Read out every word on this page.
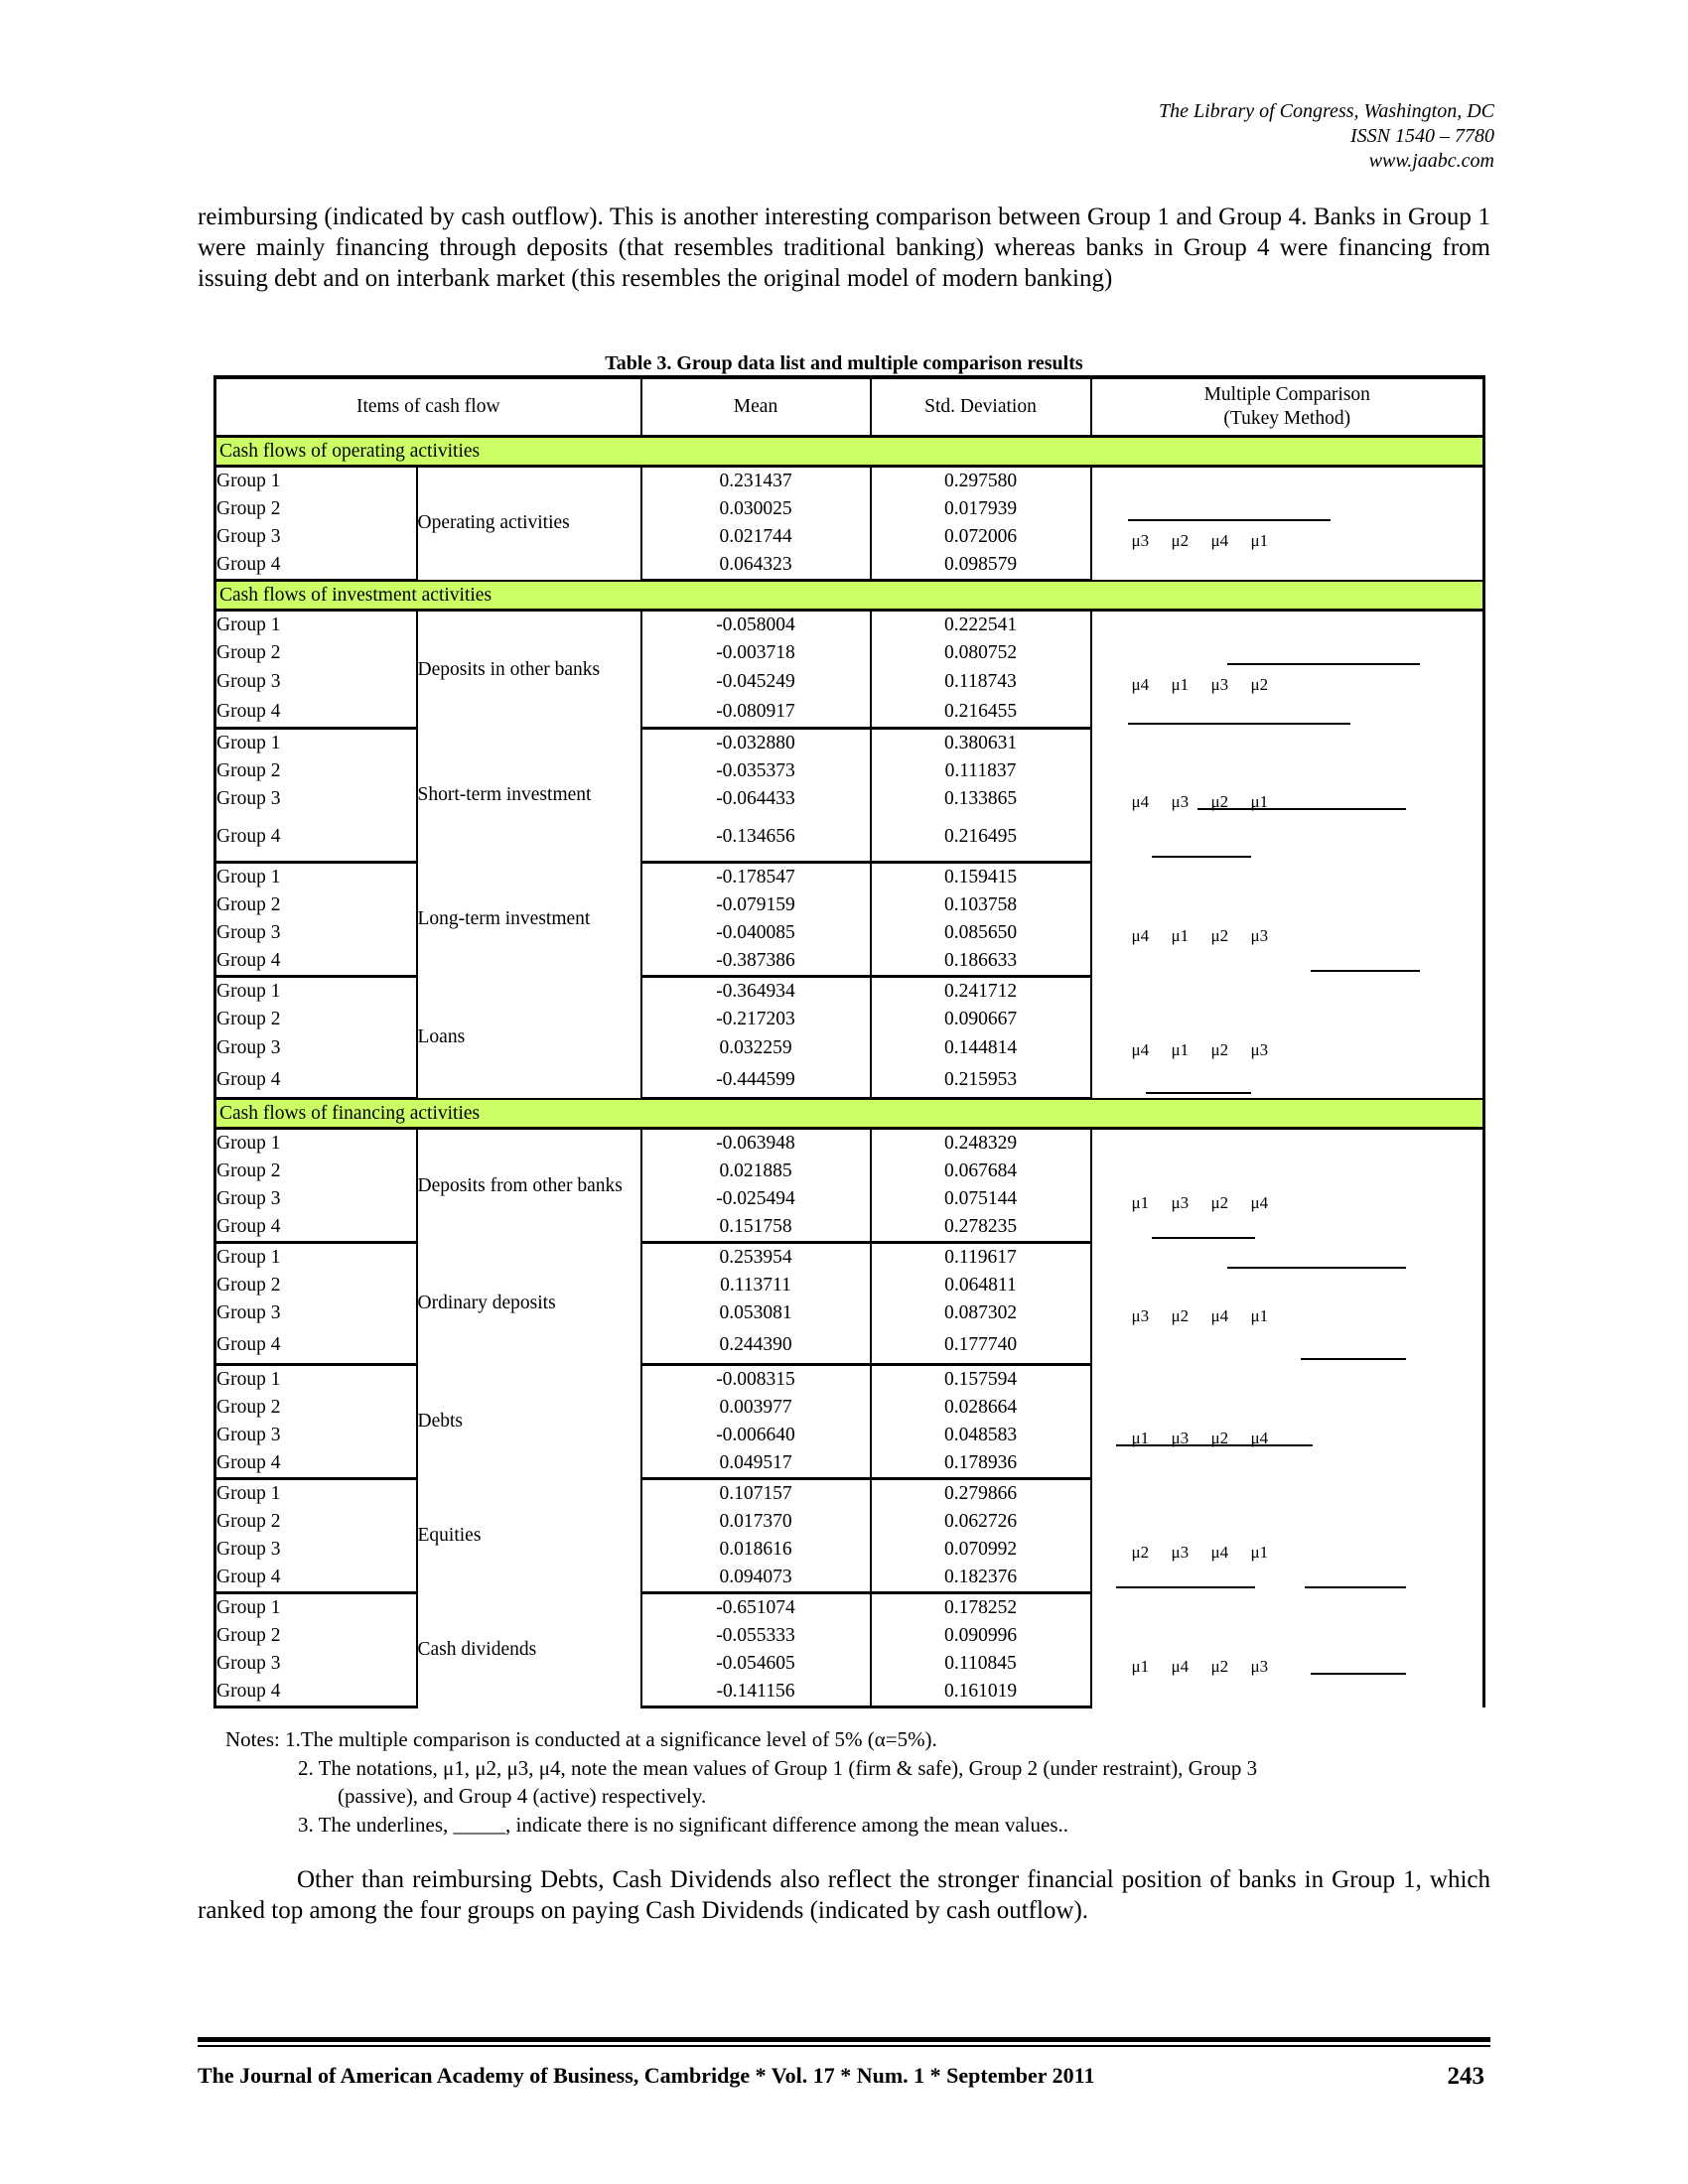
The Library of Congress, Washington, DC
ISSN 1540 – 7780
www.jaabc.com
reimbursing (indicated by cash outflow). This is another interesting comparison between Group 1 and Group 4. Banks in Group 1 were mainly financing through deposits (that resembles traditional banking) whereas banks in Group 4 were financing from issuing debt and on interbank market (this resembles the original model of modern banking)
Table 3. Group data list and multiple comparison results
Items of cash flow		Mean	Std. Deviation	Multiple Comparison
(Tukey Method)
Cash flows of operating activities				
Group 1	Operating activities	0.231437	0.297580	μ3 μ2 μ4 μ1

Group 2		0.030025	0.017939	
Group 3		0.021744	0.072006	
Group 4		0.064323	0.098579	
Cash flows of investment activities				
Group 1	Deposits in other banks	-0.058004	0.222541	μ4 μ1 μ3 μ2

Group 2		-0.003718	0.080752	
Group 3		-0.045249	0.118743	
Group 4		-0.080917	0.216455	
Group 1	Short-term investment	-0.032880	0.380631	μ4 μ3 μ2 μ1

Group 2		-0.035373	0.111837	
Group 3		-0.064433	0.133865	
Group 4		-0.134656	0.216495	
Group 1	Long-term investment	-0.178547	0.159415	μ4 μ1 μ2 μ3

Group 2		-0.079159	0.103758	
Group 3		-0.040085	0.085650	
Group 4		-0.387386	0.186633	
Group 1	Loans	-0.364934	0.241712	μ4 μ1 μ2 μ3

Group 2		-0.217203	0.090667	
Group 3		0.032259	0.144814	
Group 4		-0.444599	0.215953	
Cash flows of financing activities				
Group 1	Deposits from other banks	-0.063948	0.248329	μ1 μ3 μ2 μ4

Group 2		0.021885	0.067684	
Group 3		-0.025494	0.075144	
Group 4		0.151758	0.278235	
Group 1	Ordinary deposits	0.253954	0.119617	μ3 μ2 μ4 μ1

Group 2		0.113711	0.064811	
Group 3		0.053081	0.087302	
Group 4		0.244390	0.177740	
Group 1	Debts	-0.008315	0.157594	μ1 μ3 μ2 μ4

Group 2		0.003977	0.028664	
Group 3		-0.006640	0.048583	
Group 4		0.049517	0.178936	
Group 1	Equities	0.107157	0.279866	μ2 μ3 μ4 μ1

Group 2		0.017370	0.062726	
Group 3		0.018616	0.070992	
Group 4		0.094073	0.182376	
Group 1	Cash dividends	-0.651074	0.178252	μ1 μ4 μ2 μ3

Group 2		-0.055333	0.090996	
Group 3		-0.054605	0.110845	
Group 4		-0.141156	0.161019	
Notes: 1.The multiple comparison is conducted at a significance level of 5% (α=5%).
2. The notations, μ1, μ2, μ3, μ4, note the mean values of Group 1 (firm & safe), Group 2 (under restraint), Group 3
(passive), and Group 4 (active) respectively.
3. The underlines, _____, indicate there is no significant difference among the mean values..
Other than reimbursing Debts, Cash Dividends also reflect the stronger financial position of banks in Group 1, which ranked top among the four groups on paying Cash Dividends (indicated by cash outflow).
The Journal of American Academy of Business, Cambridge * Vol. 17 * Num. 1 * September 2011	243
